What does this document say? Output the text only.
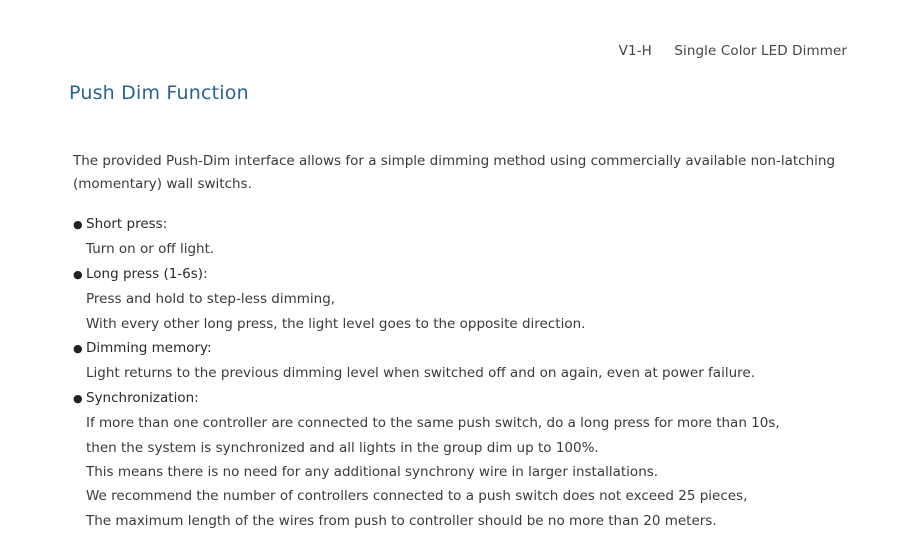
V1-H Single Color LED Dimmer
Push Dim Function

The provided Push-Dim interface allows for a simple dimming method using commercially available non-latching
(momentary) wall switchs.

● Short press:
Turn on or off light.
● Long press (1-6s):
Press and hold to step-less dimming,
With every other long press, the light level goes to the opposite direction.
● Dimming memory:
Light returns to the previous dimming level when switched off and on again, even at power failure.
● Synchronization:
If more than one controller are connected to the same push switch, do a long press for more than 10s,
then the system is synchronized and all lights in the group dim up to 100%.
This means there is no need for any additional synchrony wire in larger installations.
We recommend the number of controllers connected to a push switch does not exceed 25 pieces,
The maximum length of the wires from push to controller should be no more than 20 meters.
